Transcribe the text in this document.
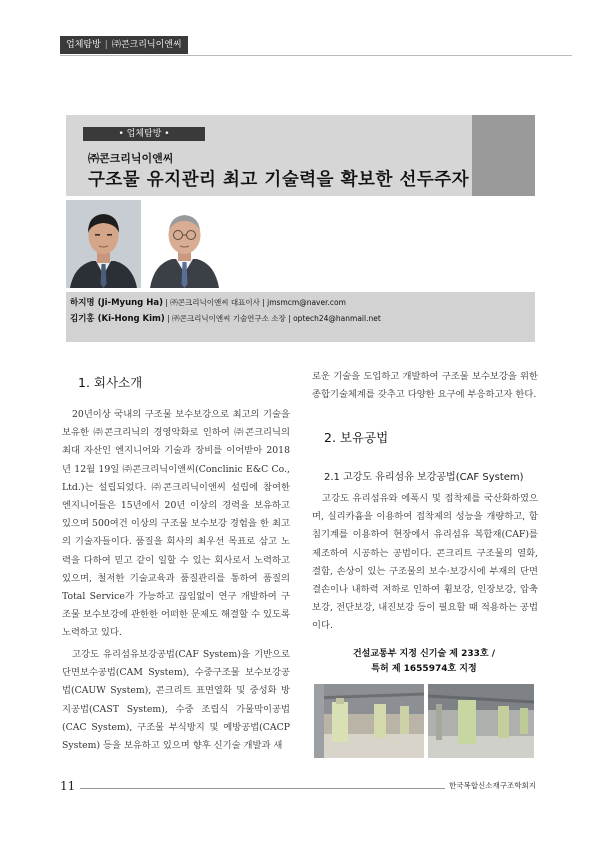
업체탐방 | ㈜콘크리닉이앤씨
• 업체탐방 •
㈜콘크리닉이앤씨
구조물 유지관리 최고 기술력을 확보한 선두주자
하지명 (Ji-Myung Ha) | ㈜콘크리닉이앤씨 대표이사 | jmsmcm@naver.com
김기홍 (Ki-Hong Kim) | ㈜콘크리닉이앤씨 기술연구소 소장 | optech24@hanmail.net
1. 회사소개

20년이상 국내의 구조물 보수보강으로 최고의 기술을 보유한 ㈜콘크리닉의 경영악화로 인하여 ㈜콘크리닉의 최대 자산인 엔지니어와 기술과 장비를 이어받아 2018년 12월 19일 ㈜콘크리닉이앤씨(Conclinic E&C Co., Ltd.)는 설립되었다. ㈜콘크리닉이앤씨 설립에 참여한 엔지니어들은 15년에서 20년 이상의 경력을 보유하고 있으며 500여건 이상의 구조물 보수보강 경험을 한 최고의 기술자들이다. 품질을 회사의 최우선 목표로 삼고 노력을 다하여 믿고 같이 일할 수 있는 회사로서 노력하고 있으며, 철저한 기술교육과 품질관리를 통하여 품질의 Total Service가 가능하고 끊임없이 연구 개발하여 구조물 보수보강에 관한한 어떠한 문제도 해결할 수 있도록 노력하고 있다.

고강도 유리섬유보강공법(CAF System)을 기반으로 단면보수공법(CAM System), 수중구조물 보수보강공법(CAUW System), 콘크리트 표면열화 및 중성화 방지공법(CAST System), 수중 조립식 가물막이공법(CAC System), 구조물 부식방지 및 예방공법(CACP System) 등을 보유하고 있으며 향후 신기술 개발과 새

로운 기술을 도입하고 개발하여 구조물 보수보강을 위한 종합기술체계를 갖추고 다양한 요구에 부응하고자 한다.

2. 보유공법
2.1 고강도 유리섬유 보강공법(CAF System)

고강도 유리섬유와 에폭시 및 접착제를 국산화하였으며, 실리카흄을 이용하여 접착제의 성능을 개량하고, 함침기계를 이용하여 현장에서 유리섬유 복합재(CAF)를 제조하여 시공하는 공법이다. 콘크리트 구조물의 열화, 결함, 손상이 있는 구조물의 보수·보강시에 부재의 단면결손이나 내하력 저하로 인하여 휨보강, 인장보강, 압축보강, 전단보강, 내진보강 등이 필요할 때 적용하는 공법이다.

건설교통부 지정 신기술 제 233호 /
특허 제 1655974호 지정
11	한국복합신소재구조학회지
